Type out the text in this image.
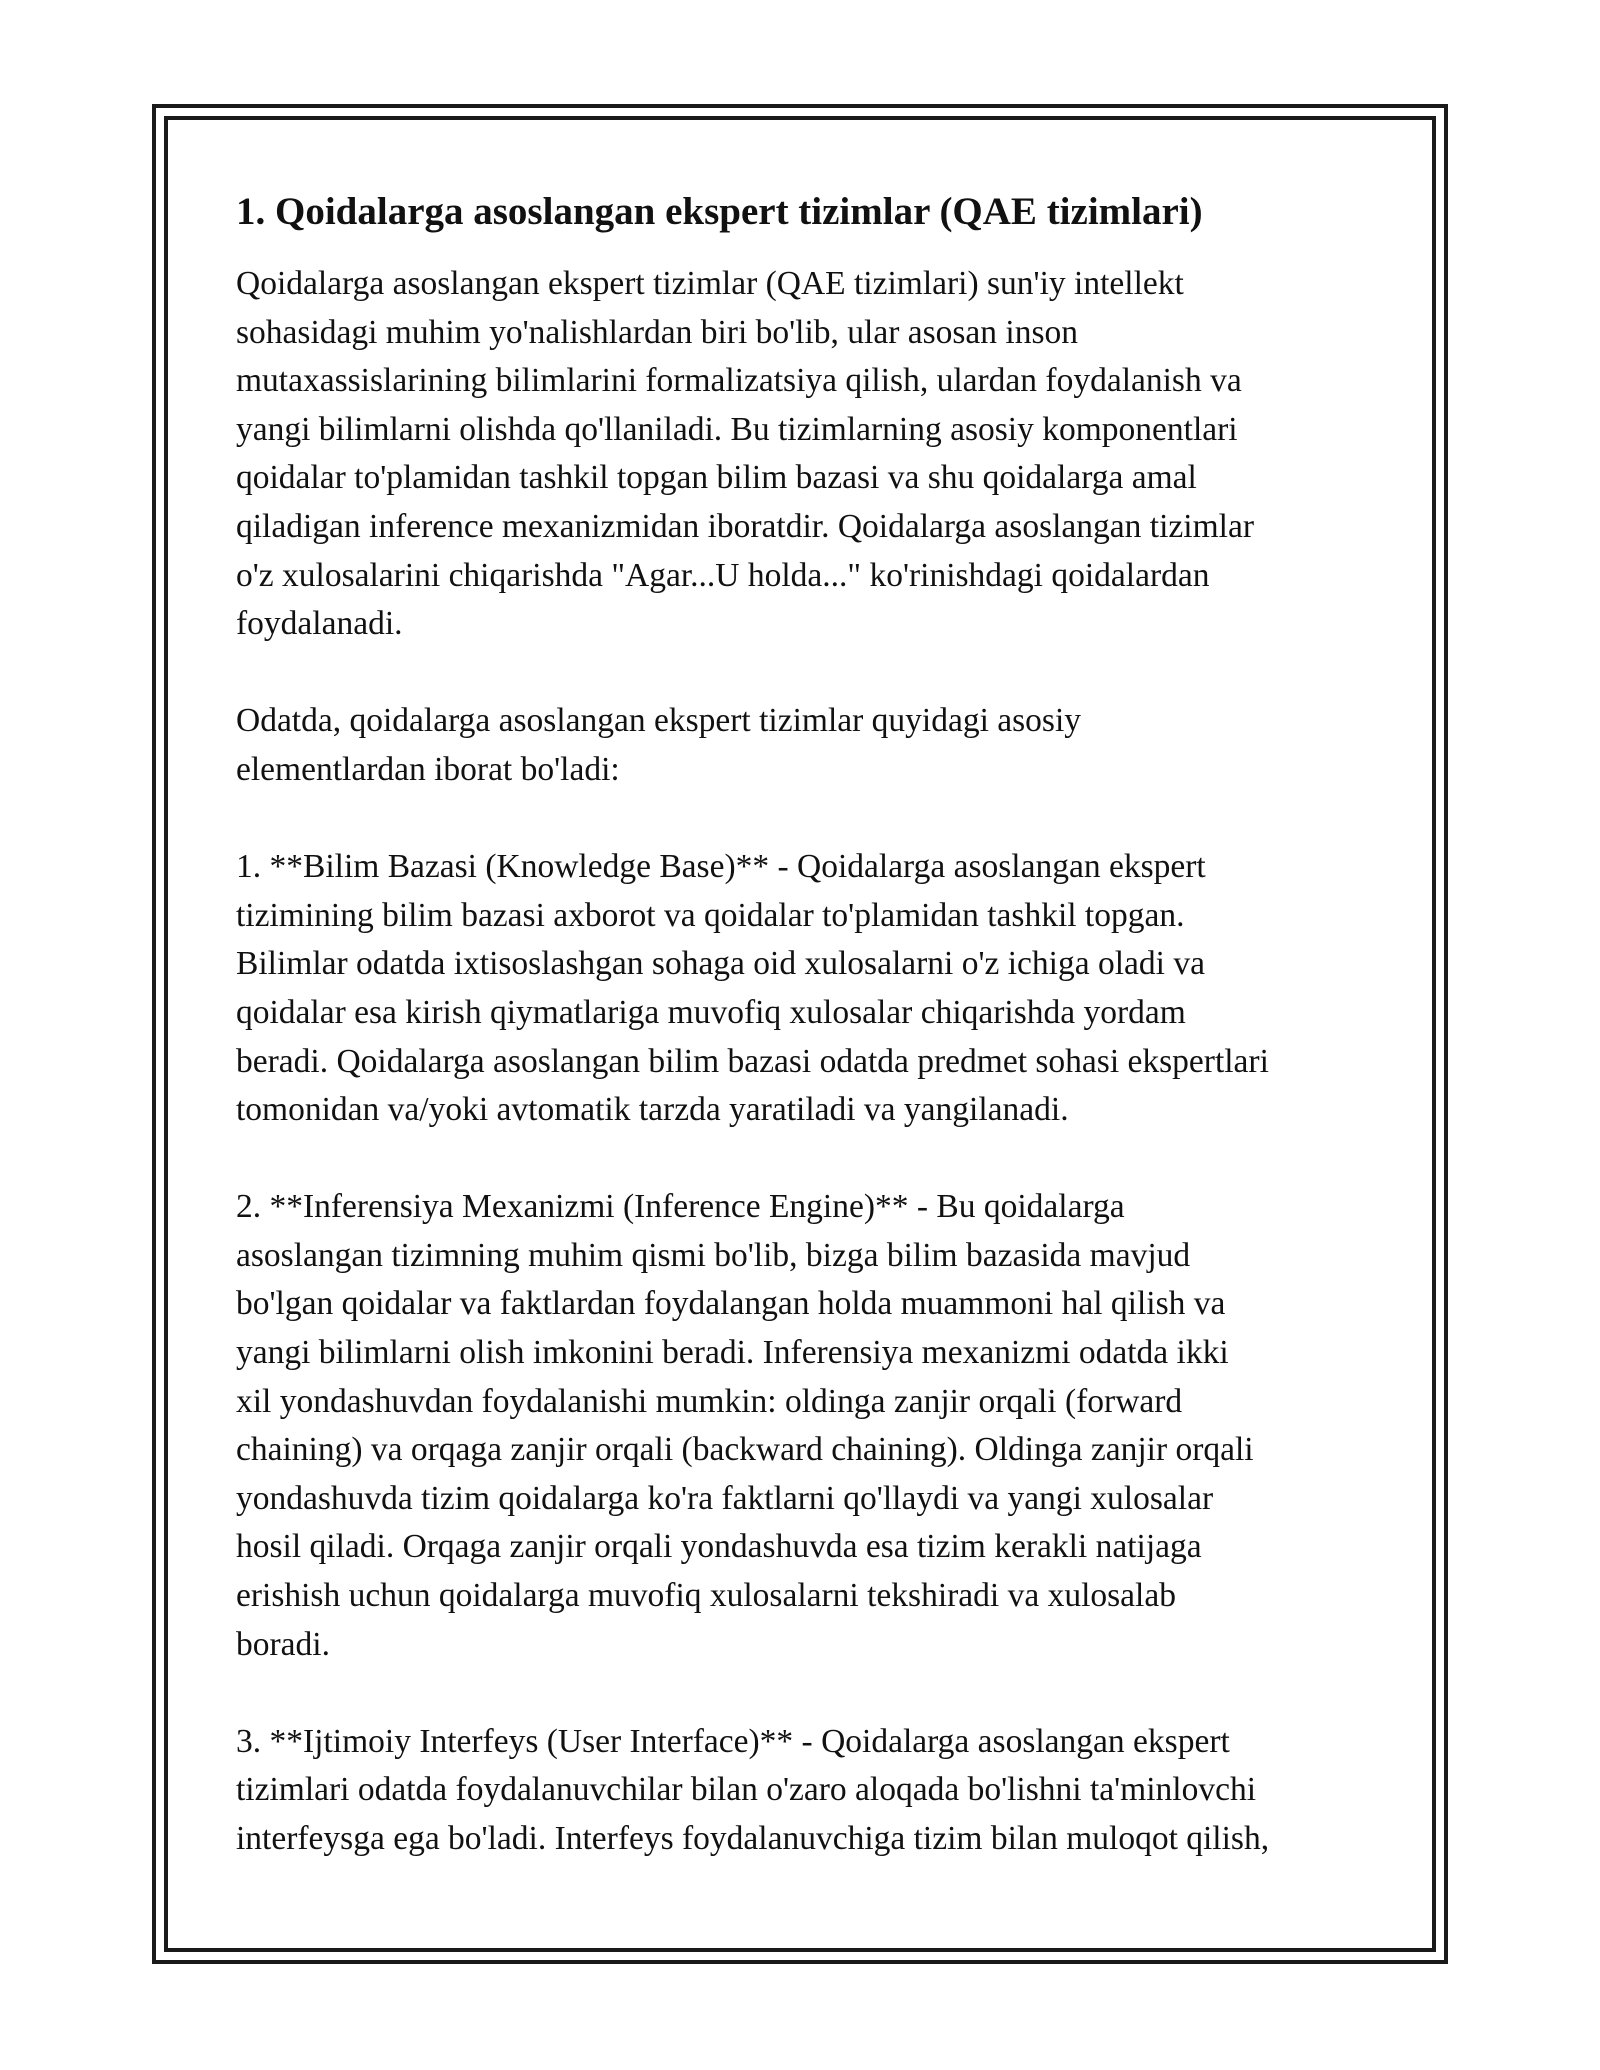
1. Qoidalarga asoslangan ekspert tizimlar (QAE tizimlari)

Qoidalarga asoslangan ekspert tizimlar (QAE tizimlari) sun'iy intellekt

sohasidagi muhim yo'nalishlardan biri bo'lib, ular asosan inson

mutaxassislarining bilimlarini formalizatsiya qilish, ulardan foydalanish va

yangi bilimlarni olishda qo'llaniladi. Bu tizimlarning asosiy komponentlari

qoidalar to'plamidan tashkil topgan bilim bazasi va shu qoidalarga amal

qiladigan inference mexanizmidan iboratdir. Qoidalarga asoslangan tizimlar

o'z xulosalarini chiqarishda "Agar...U holda..." ko'rinishdagi qoidalardan

foydalanadi.

Odatda, qoidalarga asoslangan ekspert tizimlar quyidagi asosiy

elementlardan iborat bo'ladi:

1. **Bilim Bazasi (Knowledge Base)** - Qoidalarga asoslangan ekspert

tizimining bilim bazasi axborot va qoidalar to'plamidan tashkil topgan.

Bilimlar odatda ixtisoslashgan sohaga oid xulosalarni o'z ichiga oladi va

qoidalar esa kirish qiymatlariga muvofiq xulosalar chiqarishda yordam

beradi. Qoidalarga asoslangan bilim bazasi odatda predmet sohasi ekspertlari

tomonidan va/yoki avtomatik tarzda yaratiladi va yangilanadi.

2. **Inferensiya Mexanizmi (Inference Engine)** - Bu qoidalarga

asoslangan tizimning muhim qismi bo'lib, bizga bilim bazasida mavjud

bo'lgan qoidalar va faktlardan foydalangan holda muammoni hal qilish va

yangi bilimlarni olish imkonini beradi. Inferensiya mexanizmi odatda ikki

xil yondashuvdan foydalanishi mumkin: oldinga zanjir orqali (forward

chaining) va orqaga zanjir orqali (backward chaining). Oldinga zanjir orqali

yondashuvda tizim qoidalarga ko'ra faktlarni qo'llaydi va yangi xulosalar

hosil qiladi. Orqaga zanjir orqali yondashuvda esa tizim kerakli natijaga

erishish uchun qoidalarga muvofiq xulosalarni tekshiradi va xulosalab

boradi.

3. **Ijtimoiy Interfeys (User Interface)** - Qoidalarga asoslangan ekspert

tizimlari odatda foydalanuvchilar bilan o'zaro aloqada bo'lishni ta'minlovchi

interfeysga ega bo'ladi. Interfeys foydalanuvchiga tizim bilan muloqot qilish,
